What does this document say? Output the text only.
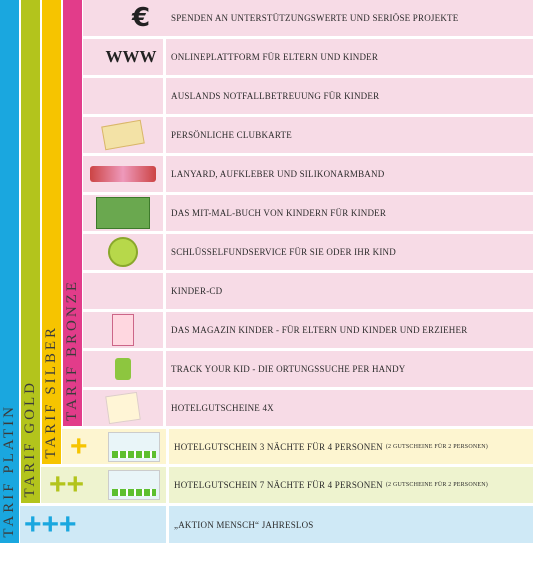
TARIF PLATIN TARIF GOLD TARIF SILBER TARIF BRONZE
€	SPENDEN AN UNTERSTÜTZUNGSWERTE UND SERIÖSE PROJEKTE
WWW	ONLINEPLATTFORM FÜR ELTERN UND KINDER
AUSLANDS NOTFALLBETREUUNG FÜR KINDER
PERSÖNLICHE CLUBKARTE
LANYARD, AUFKLEBER UND SILIKONARMBAND
DAS MIT-MAL-BUCH VON KINDERN FÜR KINDER
SCHLÜSSELFUNDSERVICE FÜR SIE ODER IHR KIND
KINDER-CD
DAS MAGAZIN KINDER - FÜR ELTERN UND KINDER UND ERZIEHER
TRACK YOUR KID - DIE ORTUNGSSUCHE PER HANDY
HOTELGUTSCHEINE 4X
+	HOTELGUTSCHEIN 3 NÄCHTE FÜR 4 PERSONEN (2 GUTSCHEINE FÜR 2 PERSONEN)
++	HOTELGUTSCHEIN 7 NÄCHTE FÜR 4 PERSONEN (2 GUTSCHEINE FÜR 2 PERSONEN)
+++	„AKTION MENSCH“ JAHRESLOS
